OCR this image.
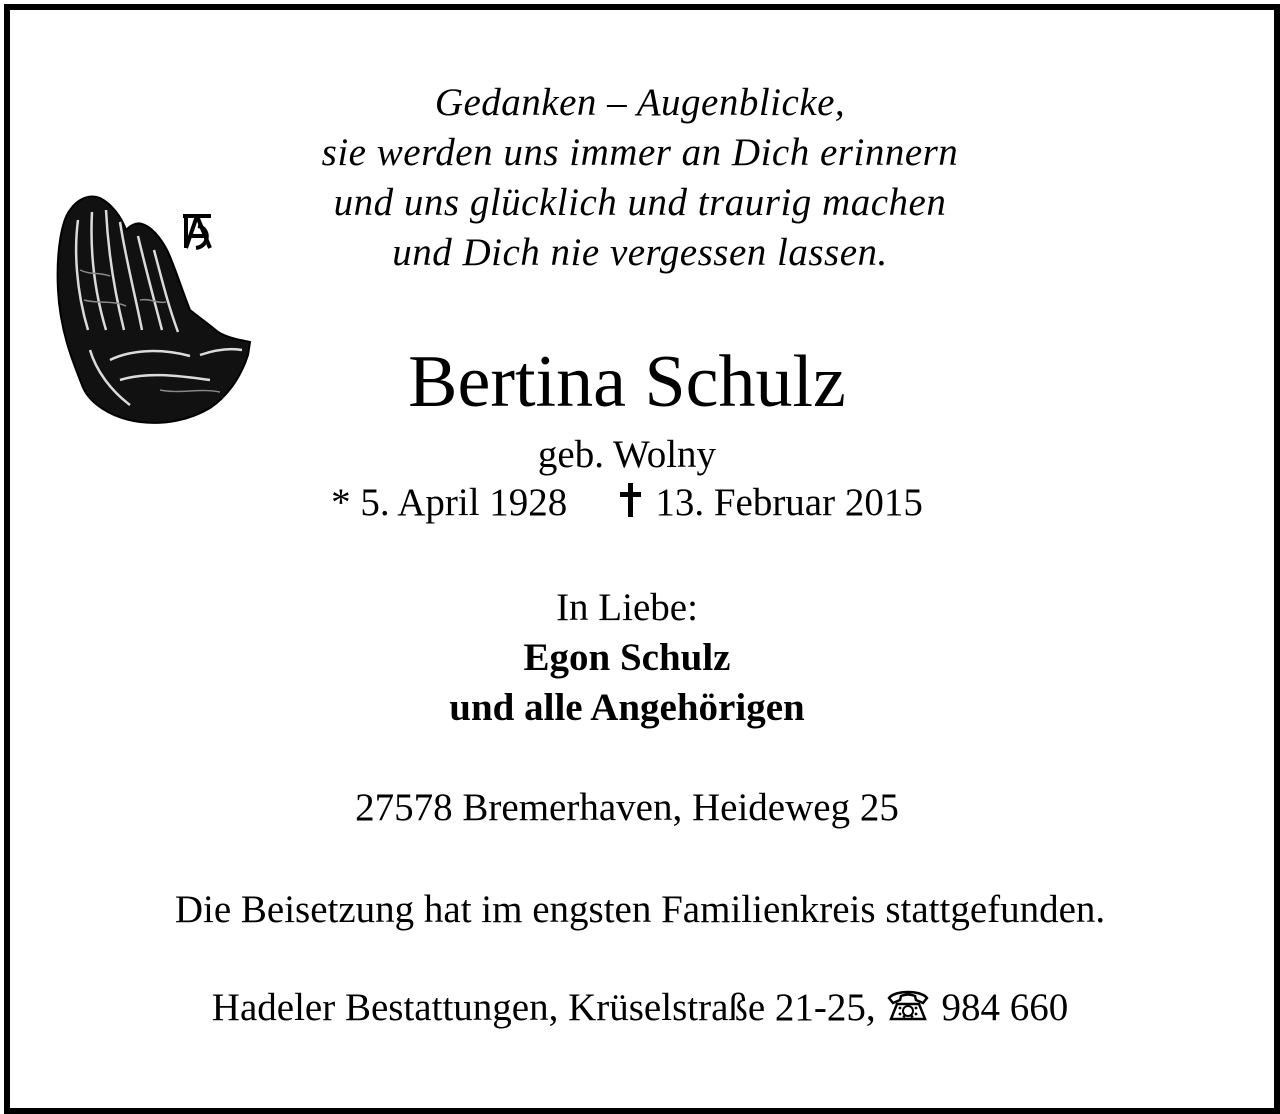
Gedanken – Augenblicke,
sie werden uns immer an Dich erinnern
und uns glücklich und traurig machen
und Dich nie vergessen lassen.
Bertina Schulz
geb. Wolny
* 5. April 1928 13. Februar 2015
In Liebe:
Egon Schulz
und alle Angehörigen
27578 Bremerhaven, Heideweg 25
Die Beisetzung hat im engsten Familienkreis stattgefunden.
Hadeler Bestattungen, Krüselstraße 21-25, 984 660
